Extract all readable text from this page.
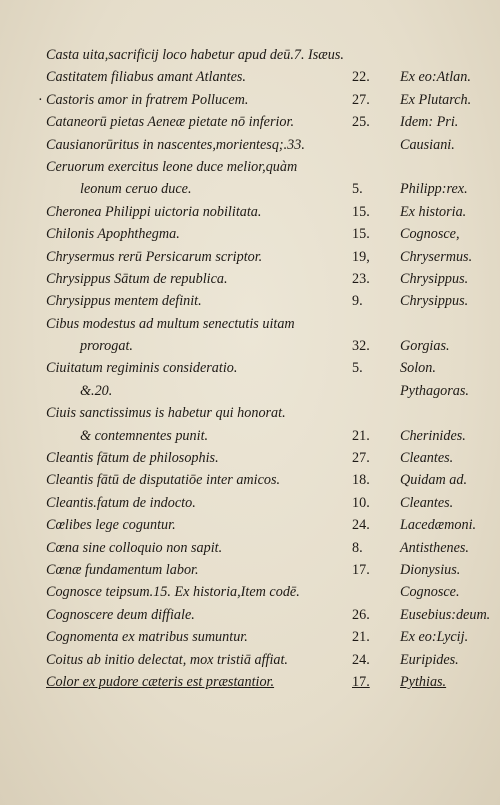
Casta uita,sacrificij loco habetur apud deū.7. Isæus.
Castitatem filiabus amant Atlantes.	22.	Ex eo:Atlan.
· Castoris amor in fratrem Pollucem.	27.	Ex Plutarch.
Cataneorū pietas Aeneæ pietate nō inferior.	25.	Idem: Pri.
Causianorūritus in nascentes,morientesq;.33.	Causiani.
Ceruorum exercitus leone duce melior,quàm
leonum ceruo duce.	5.	Philipp:rex.
Cheronea Philippi uictoria nobilitata.	15.	Ex historia.
Chilonis Apophthegma.	15.	Cognosce,
Chrysermus rerū Persicarum scriptor.	19,	Chrysermus.
Chrysippus Sātum de republica.	23.	Chrysippus.
Chrysippus mentem definit.	9.	Chrysippus.
Cibus modestus ad multum senectutis uitam
prorogat.	32.	Gorgias.
Ciuitatum regiminis consideratio.	5.	Solon.
&.20.	Pythagoras.
Ciuis sanctissimus is habetur qui honorat.
& contemnentes punit.	21.	Cherinides.
Cleantis fātum de philosophis.	27.	Cleantes.
Cleantis fātū de disputatiōe inter amicos.	18.	Quidam ad.
Cleantis.fatum de indocto.	10.	Cleantes.
Cœlibes lege coguntur.	24.	Lacedæmoni.
Cœna sine colloquio non sapit.	8.	Antisthenes.
Cœnæ fundamentum labor.	17.	Dionysius.
Cognosce teipsum.15. Ex historia,Item codē.	Cognosce.
Cognoscere deum diffiale.	26.	Eusebius:deum.
Cognomenta ex matribus sumuntur.	21.	Ex eo:Lycij.
Coitus ab initio delectat, mox tristiā affiat.	24.	Euripides.
Color ex pudore cæteris est præstantior.	17.	Pythias.
